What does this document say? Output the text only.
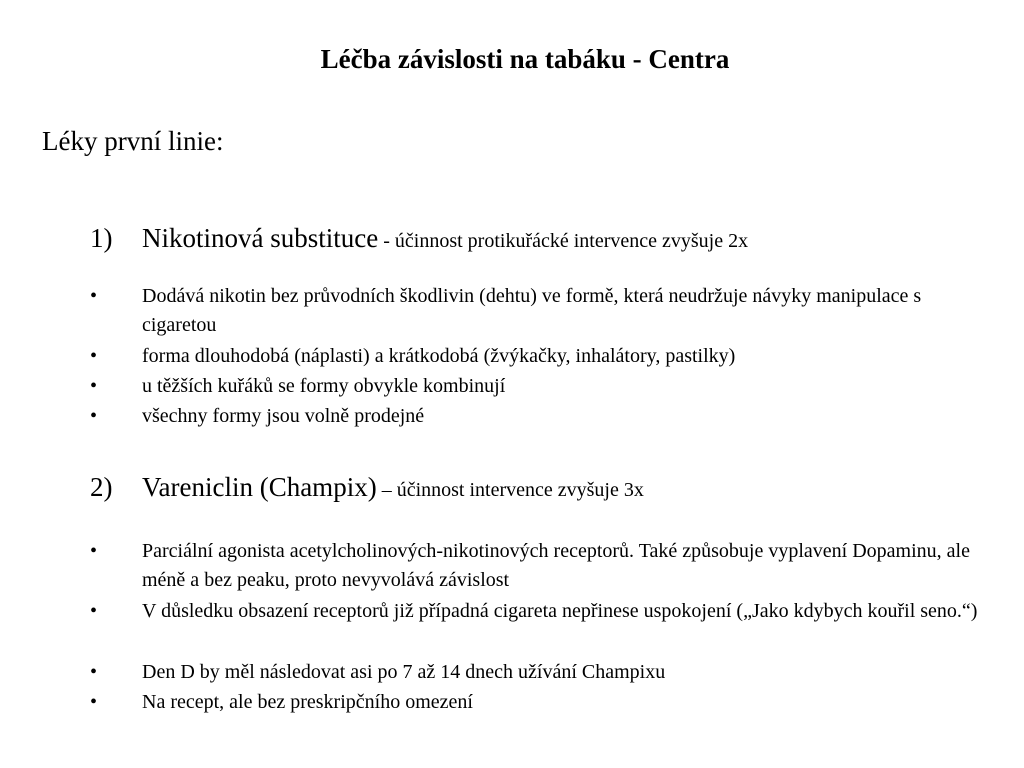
Léčba závislosti na tabáku - Centra
Léky první linie:
1) Nikotinová substituce - účinnost protikuřácké intervence zvyšuje 2x
•	Dodává nikotin bez průvodních škodlivin (dehtu) ve formě, která neudržuje návyky manipulace s cigaretou
•	forma dlouhodobá (náplasti) a krátkodobá (žvýkačky, inhalátory, pastilky)
•	u těžších kuřáků se formy obvykle kombinují
•	všechny formy jsou volně prodejné
2) Vareniclin (Champix) – účinnost intervence zvyšuje 3x
•	Parciální agonista acetylcholinových-nikotinových receptorů. Také způsobuje vyplavení Dopaminu, ale méně a bez peaku, proto nevyvolává závislost
•	V důsledku obsazení receptorů již případná cigareta nepřinese uspokojení („Jako kdybych kouřil seno.“)
•	Den D by měl následovat asi po 7 až 14 dnech užívání Champixu
•	Na recept, ale bez preskripčního omezení
